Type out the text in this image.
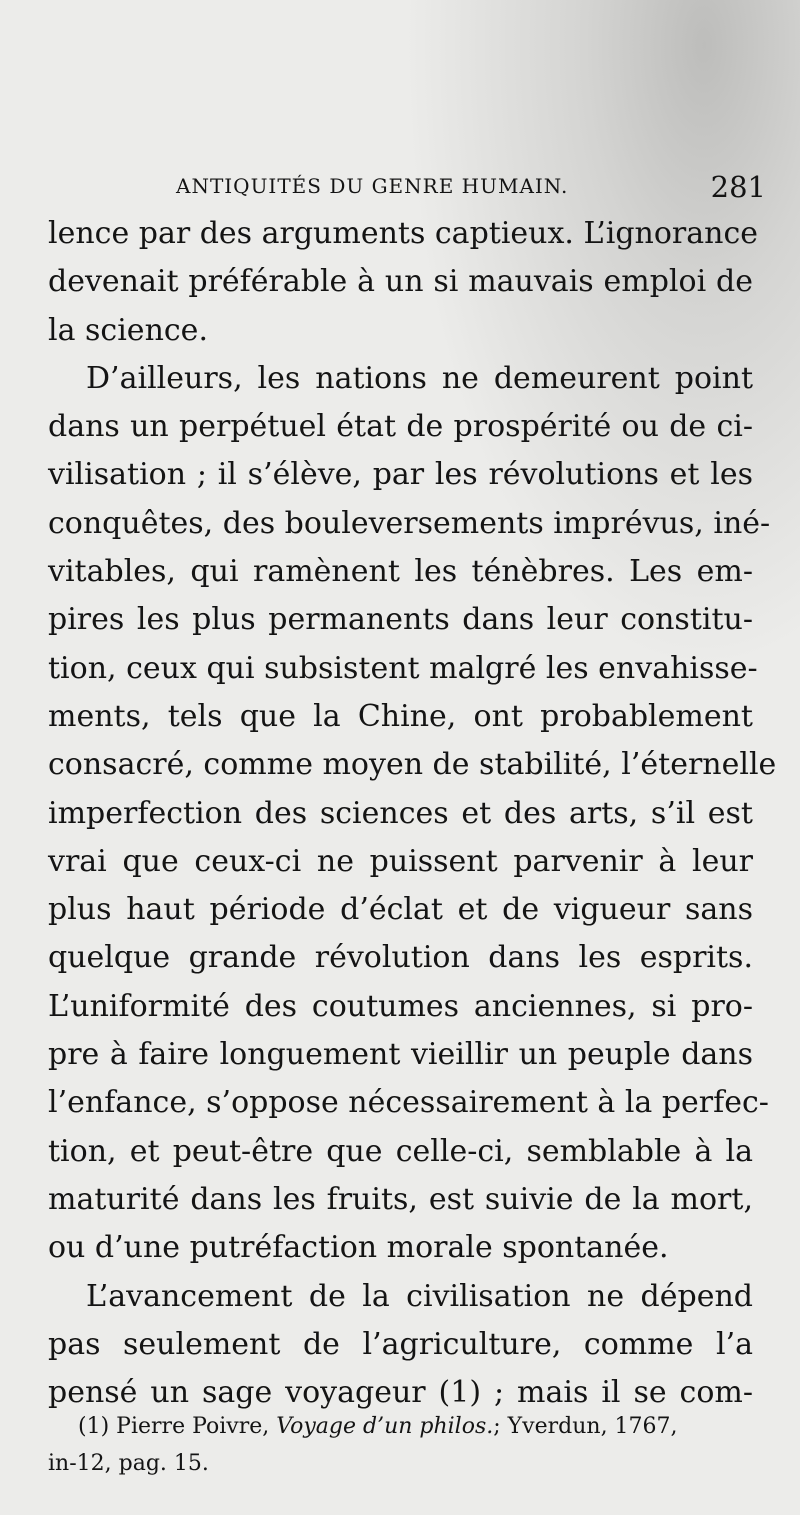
ANTIQUITÉS DU GENRE HUMAIN.	281
lence par des arguments captieux. L’ignorance
devenait préférable à un si mauvais emploi de
la science.
D’ailleurs, les nations ne demeurent point
dans un perpétuel état de prospérité ou de ci-
vilisation ; il s’élève, par les révolutions et les
conquêtes, des bouleversements imprévus, iné-
vitables, qui ramènent les ténèbres. Les em-
pires les plus permanents dans leur constitu-
tion, ceux qui subsistent malgré les envahisse-
ments, tels que la Chine, ont probablement
consacré, comme moyen de stabilité, l’éternelle
imperfection des sciences et des arts, s’il est
vrai que ceux-ci ne puissent parvenir à leur
plus haut période d’éclat et de vigueur sans
quelque grande révolution dans les esprits.
L’uniformité des coutumes anciennes, si pro-
pre à faire longuement vieillir un peuple dans
l’enfance, s’oppose nécessairement à la perfec-
tion, et peut-être que celle-ci, semblable à la
maturité dans les fruits, est suivie de la mort,
ou d’une putréfaction morale spontanée.
L’avancement de la civilisation ne dépend
pas seulement de l’agriculture, comme l’a
pensé un sage voyageur (1) ; mais il se com-
(1) Pierre Poivre, Voyage d’un philos.; Yverdun, 1767,
in-12, pag. 15.
